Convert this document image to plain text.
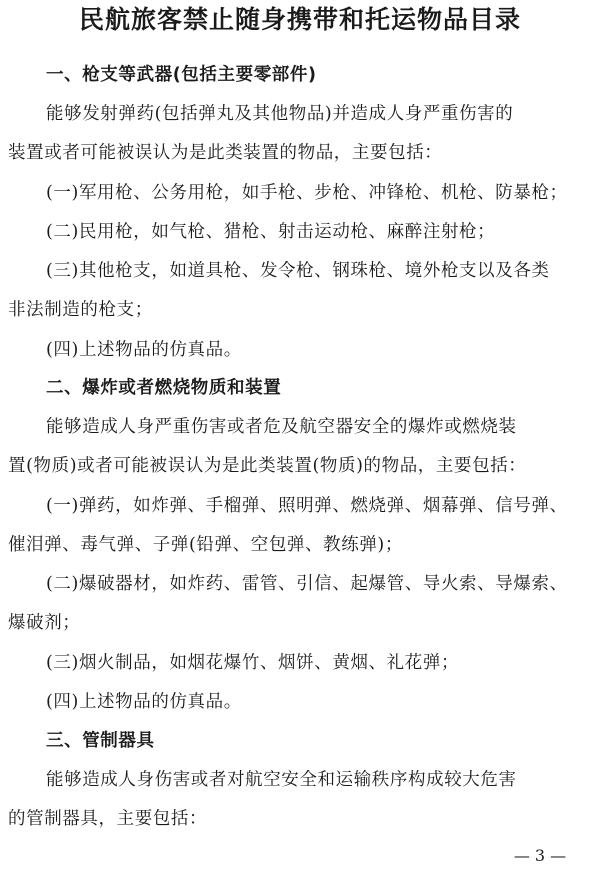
民航旅客禁止随身携带和托运物品目录
一、枪支等武器(包括主要零部件)
能够发射弹药(包括弹丸及其他物品)并造成人身严重伤害的
装置或者可能被误认为是此类装置的物品，主要包括：
(一)军用枪、公务用枪，如手枪、步枪、冲锋枪、机枪、防暴枪；
(二)民用枪，如气枪、猎枪、射击运动枪、麻醉注射枪；
(三)其他枪支，如道具枪、发令枪、钢珠枪、境外枪支以及各类
非法制造的枪支；
(四)上述物品的仿真品。
二、爆炸或者燃烧物质和装置
能够造成人身严重伤害或者危及航空器安全的爆炸或燃烧装
置(物质)或者可能被误认为是此类装置(物质)的物品，主要包括：
(一)弹药，如炸弹、手榴弹、照明弹、燃烧弹、烟幕弹、信号弹、
催泪弹、毒气弹、子弹(铅弹、空包弹、教练弹)；
(二)爆破器材，如炸药、雷管、引信、起爆管、导火索、导爆索、
爆破剂；
(三)烟火制品，如烟花爆竹、烟饼、黄烟、礼花弹；
(四)上述物品的仿真品。
三、管制器具
能够造成人身伤害或者对航空安全和运输秩序构成较大危害
的管制器具，主要包括：
— 3 —
